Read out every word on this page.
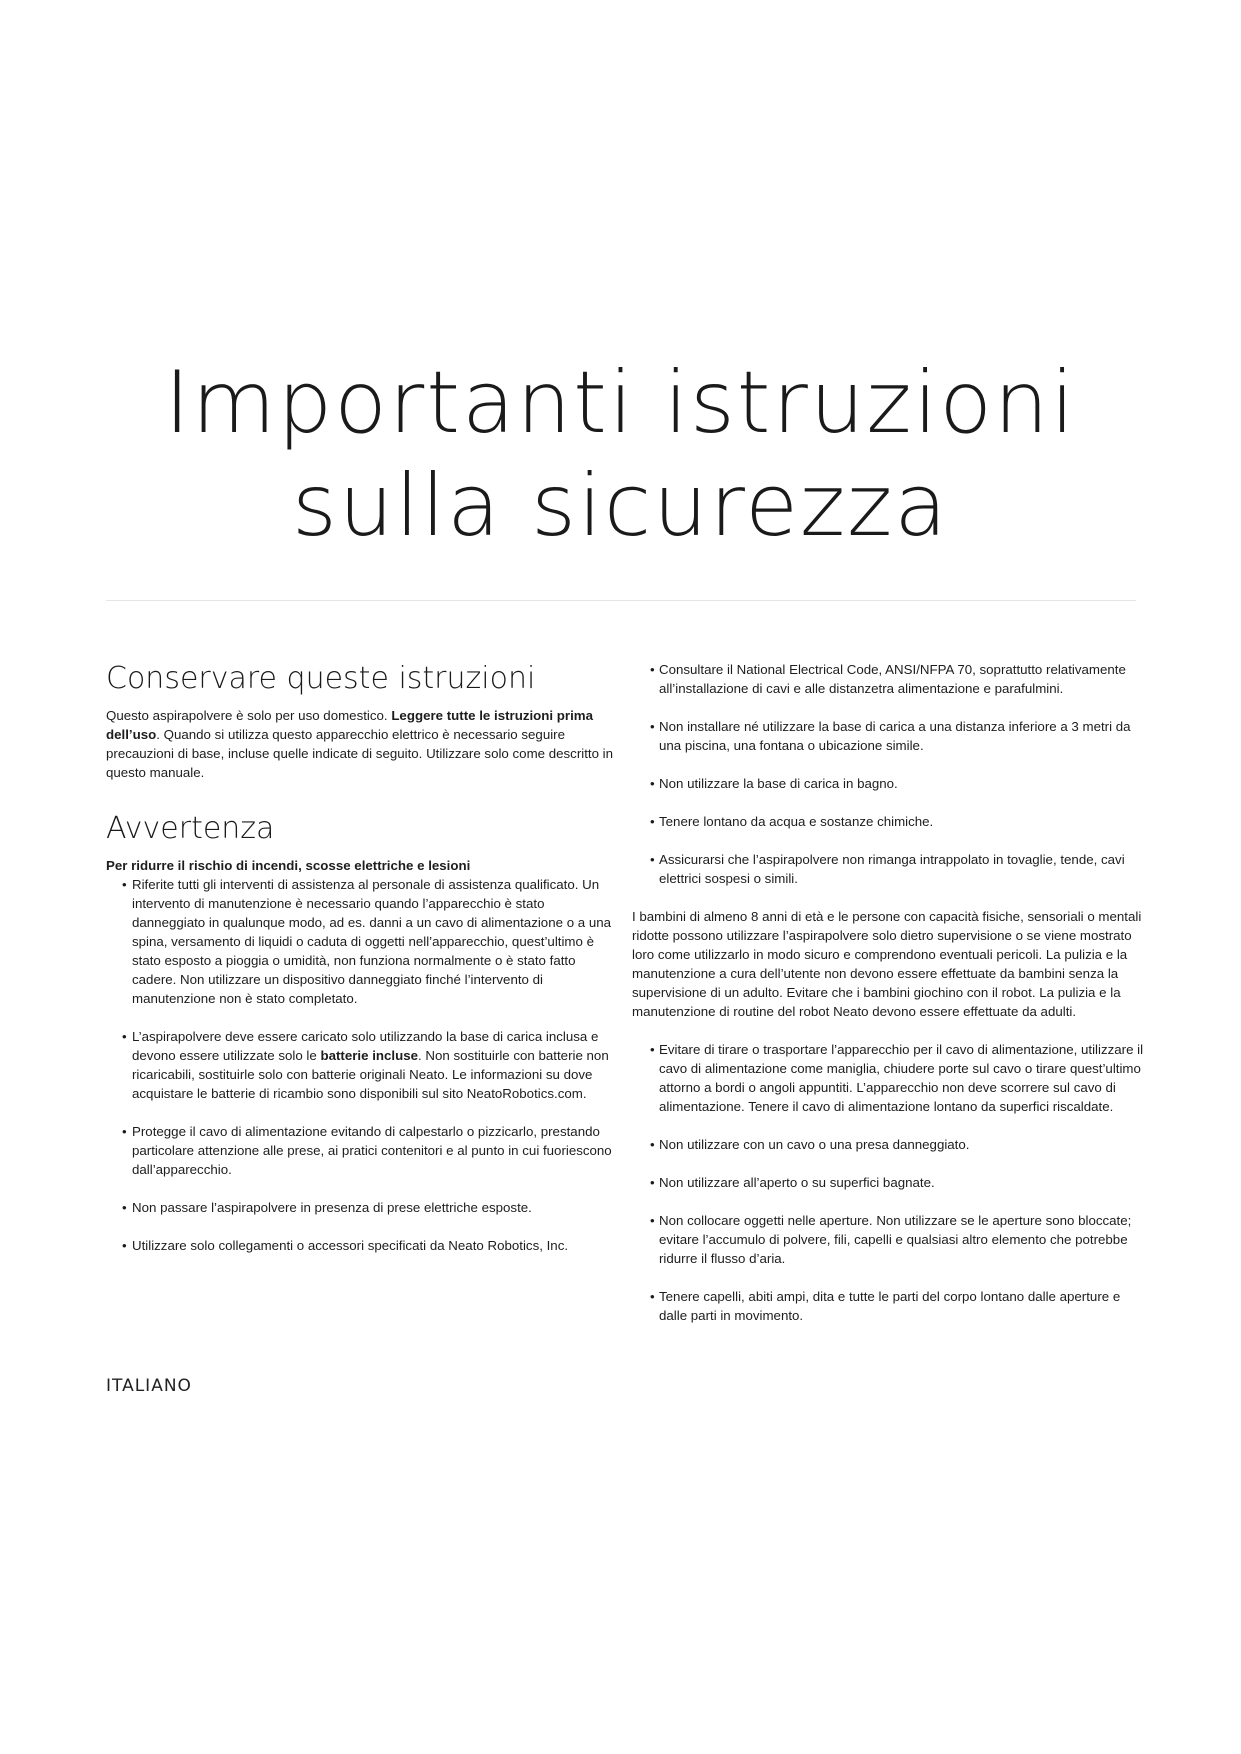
Importanti istruzioni
sulla sicurezza
Conservare queste istruzioni

Questo aspirapolvere è solo per uso domestico. Leggere tutte le istruzioni prima dell’uso. Quando si utilizza questo apparecchio elettrico è necessario seguire precauzioni di base, incluse quelle indicate di seguito. Utilizzare solo come descritto in questo manuale.

Avvertenza

Per ridurre il rischio di incendi, scosse elettriche e lesioni

• Riferite tutti gli interventi di assistenza al personale di assistenza qualificato. Un intervento di manutenzione è necessario quando l’apparecchio è stato danneggiato in qualunque modo, ad es. danni a un cavo di alimentazione o a una spina, versamento di liquidi o caduta di oggetti nell’apparecchio, quest’ultimo è stato esposto a pioggia o umidità, non funziona normalmente o è stato fatto cadere. Non utilizzare un dispositivo danneggiato finché l’intervento di manutenzione non è stato completato.
• L’aspirapolvere deve essere caricato solo utilizzando la base di carica inclusa e devono essere utilizzate solo le batterie incluse. Non sostituirle con batterie non ricaricabili, sostituirle solo con batterie originali Neato. Le informazioni su dove acquistare le batterie di ricambio sono disponibili sul sito NeatoRobotics.com.
• Protegge il cavo di alimentazione evitando di calpestarlo o pizzicarlo, prestando particolare attenzione alle prese, ai pratici contenitori e al punto in cui fuoriescono dall’apparecchio.
• Non passare l’aspirapolvere in presenza di prese elettriche esposte.
• Utilizzare solo collegamenti o accessori specificati da Neato Robotics, Inc.
• Consultare il National Electrical Code, ANSI/NFPA 70, soprattutto relativamente all’installazione di cavi e alle distanzetra alimentazione e parafulmini.
• Non installare né utilizzare la base di carica a una distanza inferiore a 3 metri da una piscina, una fontana o ubicazione simile.
• Non utilizzare la base di carica in bagno.
• Tenere lontano da acqua e sostanze chimiche.
• Assicurarsi che l’aspirapolvere non rimanga intrappolato in tovaglie, tende, cavi elettrici sospesi o simili.

I bambini di almeno 8 anni di età e le persone con capacità fisiche, sensoriali o mentali ridotte possono utilizzare l’aspirapolvere solo dietro supervisione o se viene mostrato loro come utilizzarlo in modo sicuro e comprendono eventuali pericoli. La pulizia e la manutenzione a cura dell’utente non devono essere effettuate da bambini senza la supervisione di un adulto. Evitare che i bambini giochino con il robot. La pulizia e la manutenzione di routine del robot Neato devono essere effettuate da adulti.

• Evitare di tirare o trasportare l’apparecchio per il cavo di alimentazione, utilizzare il cavo di alimentazione come maniglia, chiudere porte sul cavo o tirare quest’ultimo attorno a bordi o angoli appuntiti. L’apparecchio non deve scorrere sul cavo di alimentazione. Tenere il cavo di alimentazione lontano da superfici riscaldate.
• Non utilizzare con un cavo o una presa danneggiato.
• Non utilizzare all’aperto o su superfici bagnate.
• Non collocare oggetti nelle aperture. Non utilizzare se le aperture sono bloccate; evitare l’accumulo di polvere, fili, capelli e qualsiasi altro elemento che potrebbe ridurre il flusso d’aria.
• Tenere capelli, abiti ampi, dita e tutte le parti del corpo lontano dalle aperture e dalle parti in movimento.
ITALIANO
